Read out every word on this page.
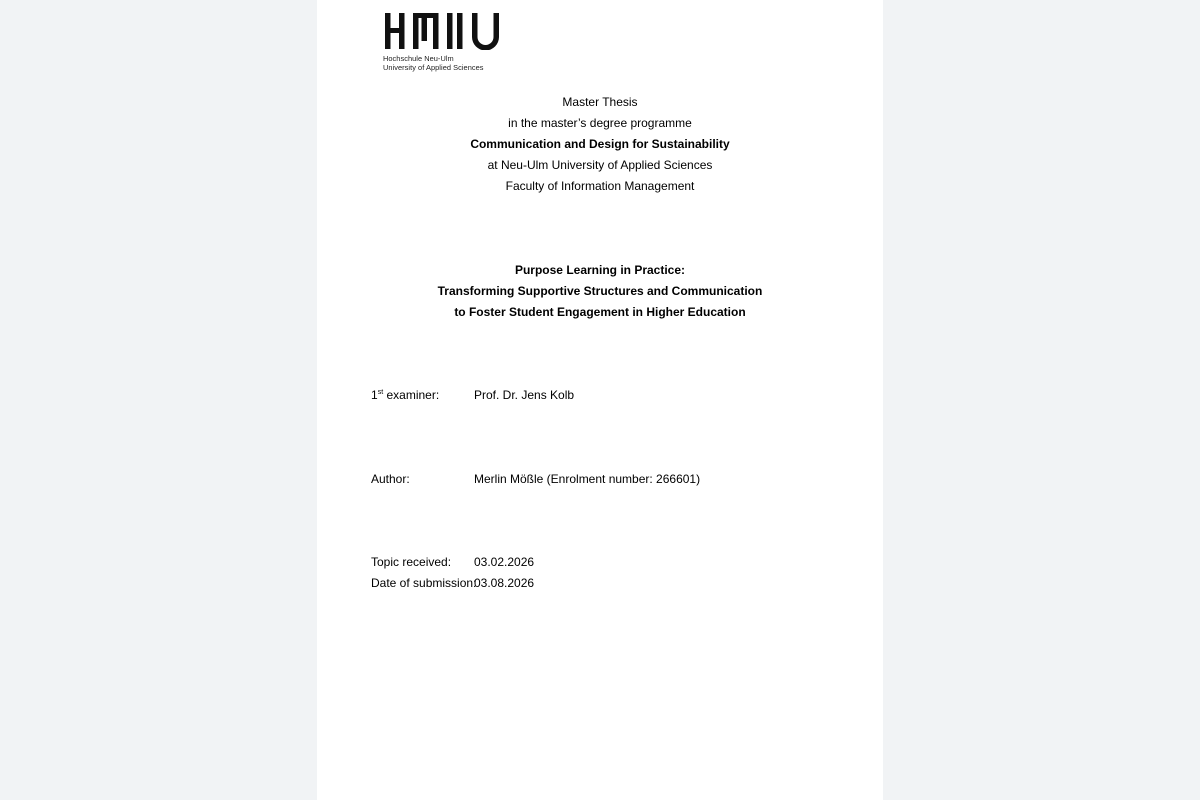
Hochschule Neu-Ulm
University of Applied Sciences
Master Thesis
in the master’s degree programme
Communication and Design for Sustainability
at Neu-Ulm University of Applied Sciences
Faculty of Information Management
Purpose Learning in Practice:
Transforming Supportive Structures and Communication
to Foster Student Engagement in Higher Education
1st examiner:	Prof. Dr. Jens Kolb
Author:	Merlin Mößle (Enrolment number: 266601)
Topic received: 03.02.2026
Date of submission:
03.08.2026
